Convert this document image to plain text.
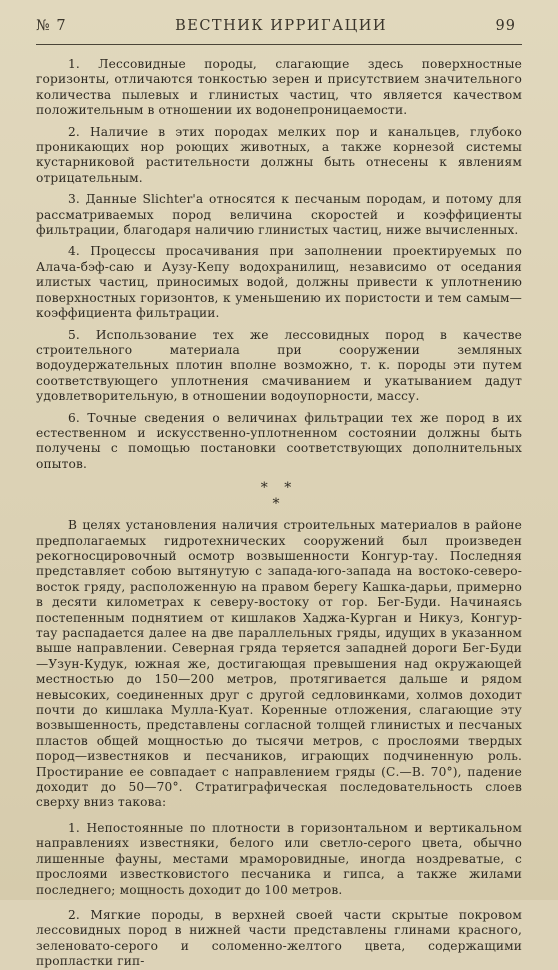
№ 7	ВЕСТНИК ИРРИГАЦИИ	99

1. Лессовидные породы, слагающие здесь поверхностные горизонты, отличаются тонкостью зерен и присутствием значительного количества пылевых и глинистых частиц, что является качеством положительным в отношении их водонепроницаемости.

2. Наличие в этих породах мелких пор и канальцев, глубоко проникающих нор роющих животных, а также корнезой системы кустарниковой растительности должны быть отнесены к явлениям отрицательным.

3. Данные Slichter'а относятся к песчаным породам, и потому для рассматриваемых пород величина скоростей и коэффициенты фильтрации, благодаря наличию глинистых частиц, ниже вычисленных.

4. Процессы просачивания при заполнении проектируемых по Алача-бэф-саю и Аузу-Кепу водохранилищ, независимо от оседания илистых частиц, приносимых водой, должны привести к уплотнению поверхностных горизонтов, к уменьшению их пористости и тем самым—коэффициента фильтрации.

5. Использование тех же лессовидных пород в качестве строительного материала при сооружении земляных водоудержательных плотин вполне возможно, т. к. породы эти путем соответствующего уплотнения смачиванием и укатыванием дадут удовлетворительную, в отношении водоупорности, массу.

6. Точные сведения о величинах фильтрации тех же пород в их естественном и искусственно-уплотненном состоянии должны быть получены с помощью постановки соответствующих дополнительных опытов.

* *
*

В целях установления наличия строительных материалов в районе предполагаемых гидротехнических сооружений был произведен рекогносцировочный осмотр возвышенности Конгур-тау. Последняя представляет собою вытянутую с запада-юго-запада на востоко-северо-восток гряду, расположенную на правом берегу Кашка-дарьи, примерно в десяти километрах к северу-востоку от гор. Бег-Буди. Начинаясь постепенным поднятием от кишлаков Хаджа-Курган и Никуз, Конгур-тау распадается далее на две параллельных гряды, идущих в указанном выше направлении. Северная гряда теряется западней дороги Бег-Буди—Узун-Кудук, южная же, достигающая превышения над окружающей местностью до 150—200 метров, протягивается дальше и рядом невысоких, соединенных друг с другой седловинками, холмов доходит почти до кишлака Мулла-Куат. Коренные отложения, слагающие эту возвышенность, представлены согласной толщей глинистых и песчаных пластов общей мощностью до тысячи метров, с прослоями твердых пород—известняков и песчаников, играющих подчиненную роль. Простирание ее совпадает с направлением гряды (С.—В. 70°), падение доходит до 50—70°. Стратиграфическая последовательность слоев сверху вниз такова:

1. Непостоянные по плотности в горизонтальном и вертикальном направлениях известняки, белого или светло-серого цвета, обычно лишенные фауны, местами мраморовидные, иногда ноздреватые, с прослоями известковистого песчаника и гипса, а также жилами последнего; мощность доходит до 100 метров.

2. Мягкие породы, в верхней своей части скрытые покровом лессовидных пород в нижней части представлены глинами красного, зеленовато-серого и соломенно-желтого цвета, содержащими пропластки гип-
